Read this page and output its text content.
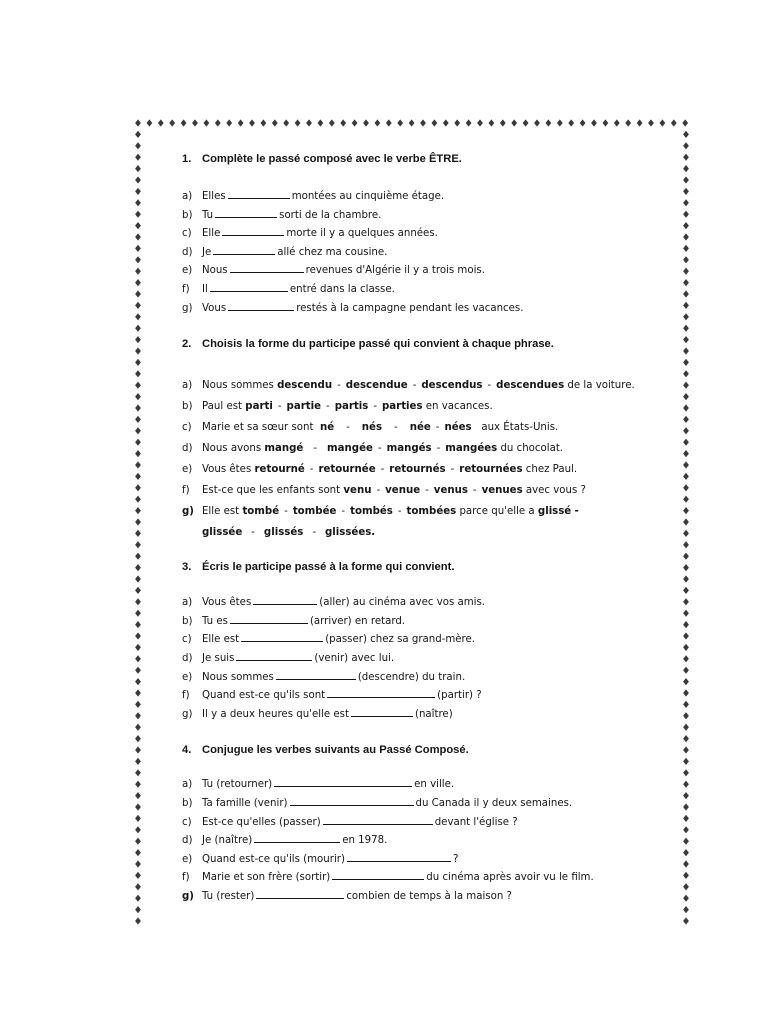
1. Complète le passé composé avec le verbe ÊTRE.
a) Elles	montées au cinquième étage.
b) Tu	sorti de la chambre.
c) Elle	morte il y a quelques années.
d) Je	allé chez ma cousine.
e) Nous	revenues d'Algérie il y a trois mois.
f) Il	entré dans la classe.
g) Vous	restés à la campagne pendant les vacances.
2. Choisis la forme du participe passé qui convient à chaque phrase.
a) Nous sommes descendu - descendue - descendus - descendues de la voiture.
b) Paul est parti - partie - partis - parties en vacances.
c) Marie et sa sœur sont né - nés - née - nées aux États-Unis.
d) Nous avons mangé - mangée - mangés - mangées du chocolat.
e) Vous êtes retourné - retournée - retournés - retournées chez Paul.
f) Est-ce que les enfants sont venu - venue - venus - venues avec vous ?
g) Elle est tombé - tombée - tombés - tombées parce qu'elle a glissé -
glissée - glissés - glissées.
3. Écris le participe passé à la forme qui convient.
a) Vous êtes	(aller) au cinéma avec vos amis.
b) Tu es	(arriver) en retard.
c) Elle est	(passer) chez sa grand-mère.
d) Je suis	(venir) avec lui.
e) Nous sommes	(descendre) du train.
f) Quand est-ce qu'ils sont	(partir) ?
g) Il y a deux heures qu'elle est	(naître)
4. Conjugue les verbes suivants au Passé Composé.
a) Tu (retourner)	en ville.
b) Ta famille (venir)	du Canada il y deux semaines.
c) Est-ce qu'elles (passer)	devant l'église ?
d) Je (naître)	en 1978.
e) Quand est-ce qu'ils (mourir)	?
f) Marie et son frère (sortir)	du cinéma après avoir vu le film.
g) Tu (rester)	combien de temps à la maison ?
